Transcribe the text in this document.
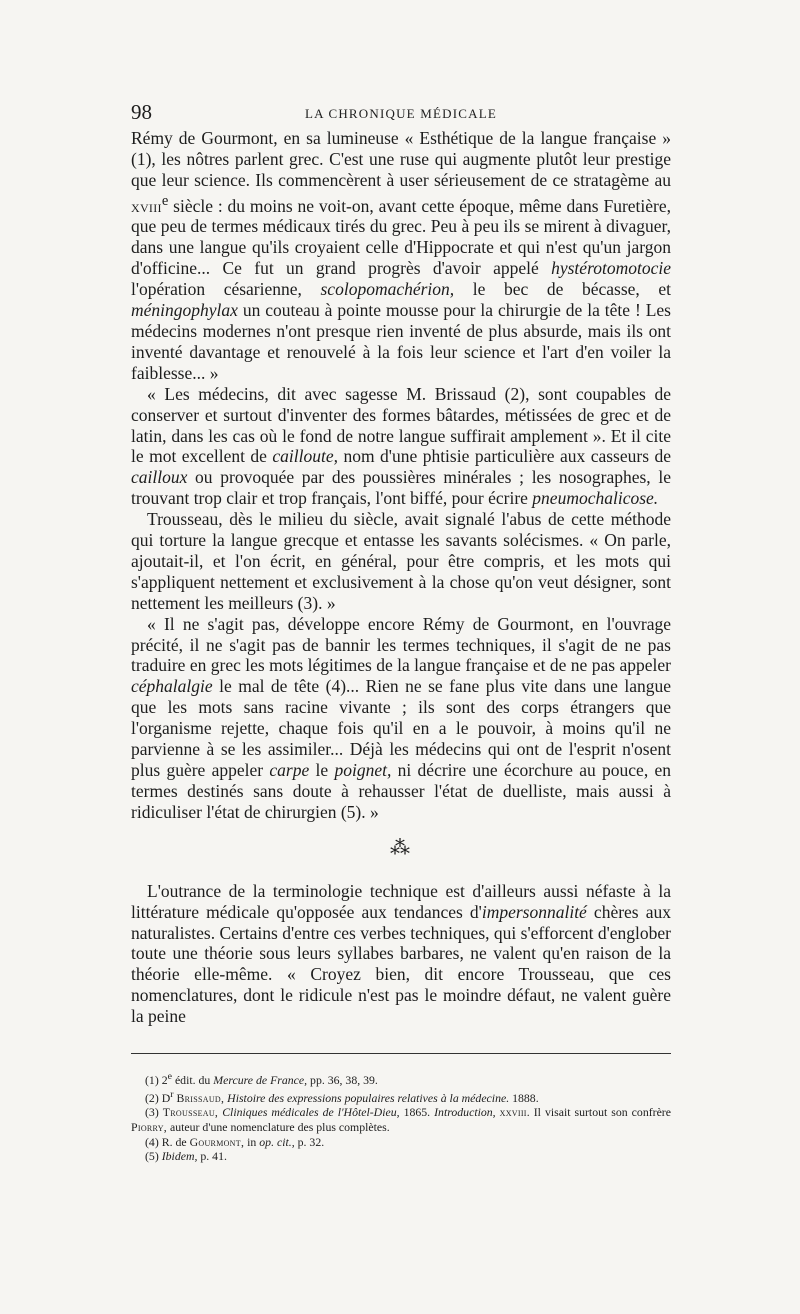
98	LA CHRONIQUE MÉDICALE

Rémy de Gourmont, en sa lumineuse « Esthétique de la langue française » (1), les nôtres parlent grec. C'est une ruse qui augmente plutôt leur prestige que leur science. Ils commencèrent à user sérieusement de ce stratagème au xviii$^e$ siècle : du moins ne voit-on, avant cette époque, même dans Furetière, que peu de termes médicaux tirés du grec. Peu à peu ils se mirent à divaguer, dans une langue qu'ils croyaient celle d'Hippocrate et qui n'est qu'un jargon d'officine... Ce fut un grand progrès d'avoir appelé hystérotomotocie l'opération césarienne, scolopomachérion, le bec de bécasse, et méningophylax un couteau à pointe mousse pour la chirurgie de la tête ! Les médecins modernes n'ont presque rien inventé de plus absurde, mais ils ont inventé davantage et renouvelé à la fois leur science et l'art d'en voiler la faiblesse... »

« Les médecins, dit avec sagesse M. Brissaud (2), sont coupables de conserver et surtout d'inventer des formes bâtardes, métissées de grec et de latin, dans les cas où le fond de notre langue suffirait amplement ». Et il cite le mot excellent de cailloute, nom d'une phtisie particulière aux casseurs de cailloux ou provoquée par des poussières minérales ; les nosographes, le trouvant trop clair et trop français, l'ont biffé, pour écrire pneumochalicose.

Trousseau, dès le milieu du siècle, avait signalé l'abus de cette méthode qui torture la langue grecque et entasse les savants solécismes. « On parle, ajoutait-il, et l'on écrit, en général, pour être compris, et les mots qui s'appliquent nettement et exclusivement à la chose qu'on veut désigner, sont nettement les meilleurs (3). »

« Il ne s'agit pas, développe encore Rémy de Gourmont, en l'ouvrage précité, il ne s'agit pas de bannir les termes techniques, il s'agit de ne pas traduire en grec les mots légitimes de la langue française et de ne pas appeler céphalalgie le mal de tête (4)... Rien ne se fane plus vite dans une langue que les mots sans racine vivante ; ils sont des corps étrangers que l'organisme rejette, chaque fois qu'il en a le pouvoir, à moins qu'il ne parvienne à se les assimiler... Déjà les médecins qui ont de l'esprit n'osent plus guère appeler carpe le poignet, ni décrire une écorchure au pouce, en termes destinés sans doute à rehausser l'état de duelliste, mais aussi à ridiculiser l'état de chirurgien (5). »

⁂

L'outrance de la terminologie technique est d'ailleurs aussi néfaste à la littérature médicale qu'opposée aux tendances d'impersonnalité chères aux naturalistes. Certains d'entre ces verbes techniques, qui s'efforcent d'englober toute une théorie sous leurs syllabes barbares, ne valent qu'en raison de la théorie elle-même. « Croyez bien, dit encore Trousseau, que ces nomenclatures, dont le ridicule n'est pas le moindre défaut, ne valent guère la peine

(1) 2e édit. du Mercure de France, pp. 36, 38, 39.

(2) $D^r$ Brissaud, Histoire des expressions populaires relatives à la médecine. 1888.

(3) Trousseau, Cliniques médicales de l'Hôtel-Dieu, 1865. Introduction, xxviii. Il visait surtout son confrère Piorry, auteur d'une nomenclature des plus complètes.

(4) R. de Gourmont, in op. cit., p. 32.

(5) Ibidem, p. 41.
